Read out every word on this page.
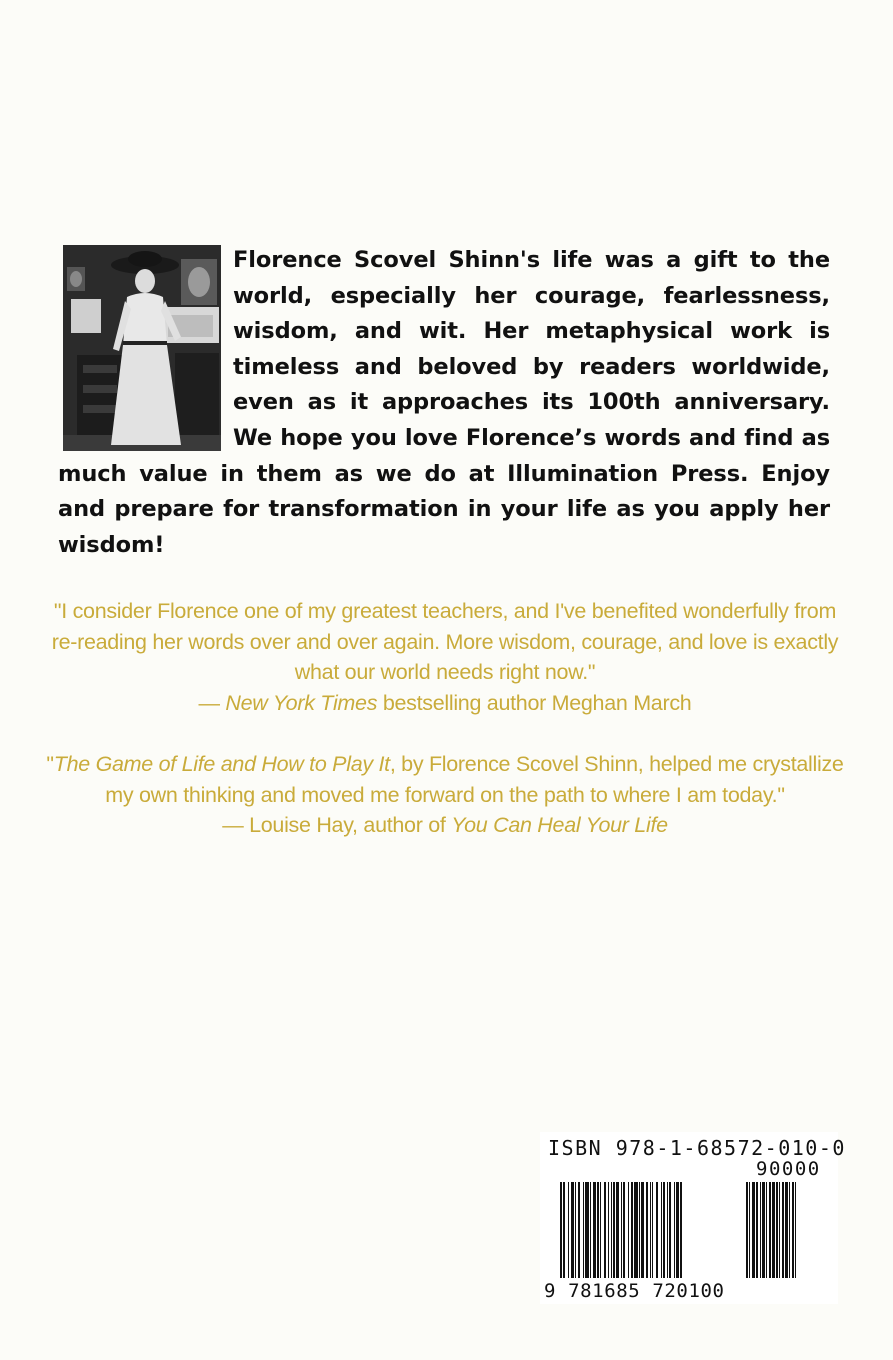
Florence Scovel Shinn's life was a gift to the world, especially her courage, fearlessness, wisdom, and wit. Her metaphysical work is timeless and beloved by readers worldwide, even as it approaches its 100th anniversary. We hope you love Florence’s words and find as much value in them as we do at Illumination Press. Enjoy and prepare for transformation in your life as you apply her wisdom!
"I consider Florence one of my greatest teachers, and I've benefited wonderfully from re-reading her words over and over again. More wisdom, courage, and love is exactly what our world needs right now."
— New York Times bestselling author Meghan March
"The Game of Life and How to Play It, by Florence Scovel Shinn, helped me crystallize my own thinking and moved me forward on the path to where I am today."
— Louise Hay, author of You Can Heal Your Life
ISBN 978-1-68572-010-0
90000
9 781685 720100
